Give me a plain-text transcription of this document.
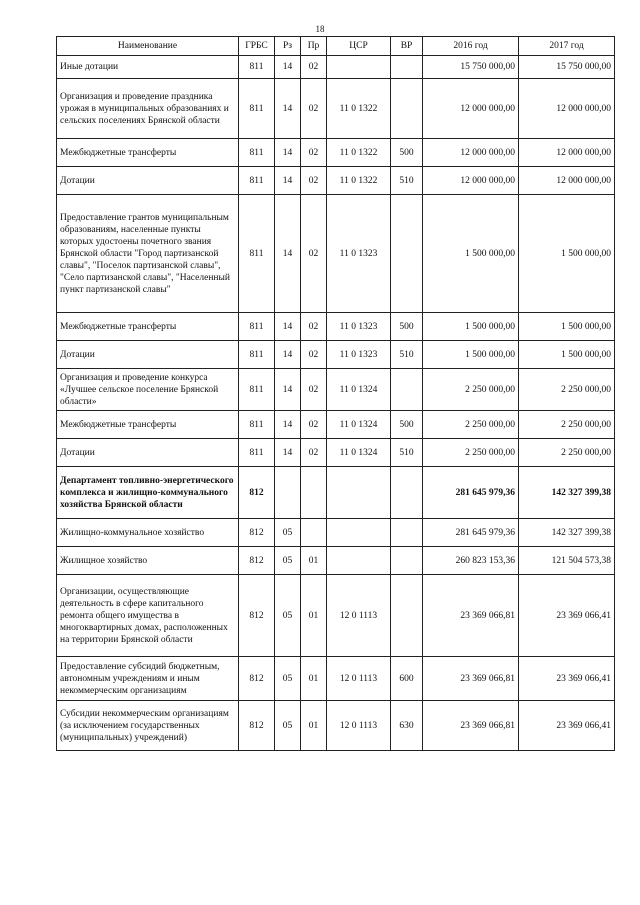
18
Наименование	ГРБС	Рз	Пр	ЦСР	ВР	2016 год	2017 год
Иные дотации	811	14	02			15 750 000,00	15 750 000,00
Организация и проведение праздника урожая в муниципальных образованиях и сельских поселениях Брянской области	811	14	02	11 0 1322		12 000 000,00	12 000 000,00
Межбюджетные трансферты	811	14	02	11 0 1322	500	12 000 000,00	12 000 000,00
Дотации	811	14	02	11 0 1322	510	12 000 000,00	12 000 000,00
Предоставление грантов муниципальным образованиям, населенные пункты которых удостоены почетного звания Брянской области "Город партизанской славы", "Поселок партизанской славы", "Село партизанской славы", "Населенный пункт партизанской славы"	811	14	02	11 0 1323		1 500 000,00	1 500 000,00
Межбюджетные трансферты	811	14	02	11 0 1323	500	1 500 000,00	1 500 000,00
Дотации	811	14	02	11 0 1323	510	1 500 000,00	1 500 000,00
Организация и проведение конкурса «Лучшее сельское поселение Брянской области»	811	14	02	11 0 1324		2 250 000,00	2 250 000,00
Межбюджетные трансферты	811	14	02	11 0 1324	500	2 250 000,00	2 250 000,00
Дотации	811	14	02	11 0 1324	510	2 250 000,00	2 250 000,00
Департамент топливно-энергетического комплекса и жилищно-коммунального хозяйства Брянской области	812					281 645 979,36	142 327 399,38
Жилищно-коммунальное хозяйство	812	05				281 645 979,36	142 327 399,38
Жилищное хозяйство	812	05	01			260 823 153,36	121 504 573,38
Организации, осуществляющие деятельность в сфере капитального ремонта общего имущества в многоквартирных домах, расположенных на территории Брянской области	812	05	01	12 0 1113		23 369 066,81	23 369 066,41
Предоставление субсидий бюджетным, автономным учреждениям и иным некоммерческим организациям	812	05	01	12 0 1113	600	23 369 066,81	23 369 066,41
Субсидии некоммерческим организациям (за исключением государственных (муниципальных) учреждений)	812	05	01	12 0 1113	630	23 369 066,81	23 369 066,41
